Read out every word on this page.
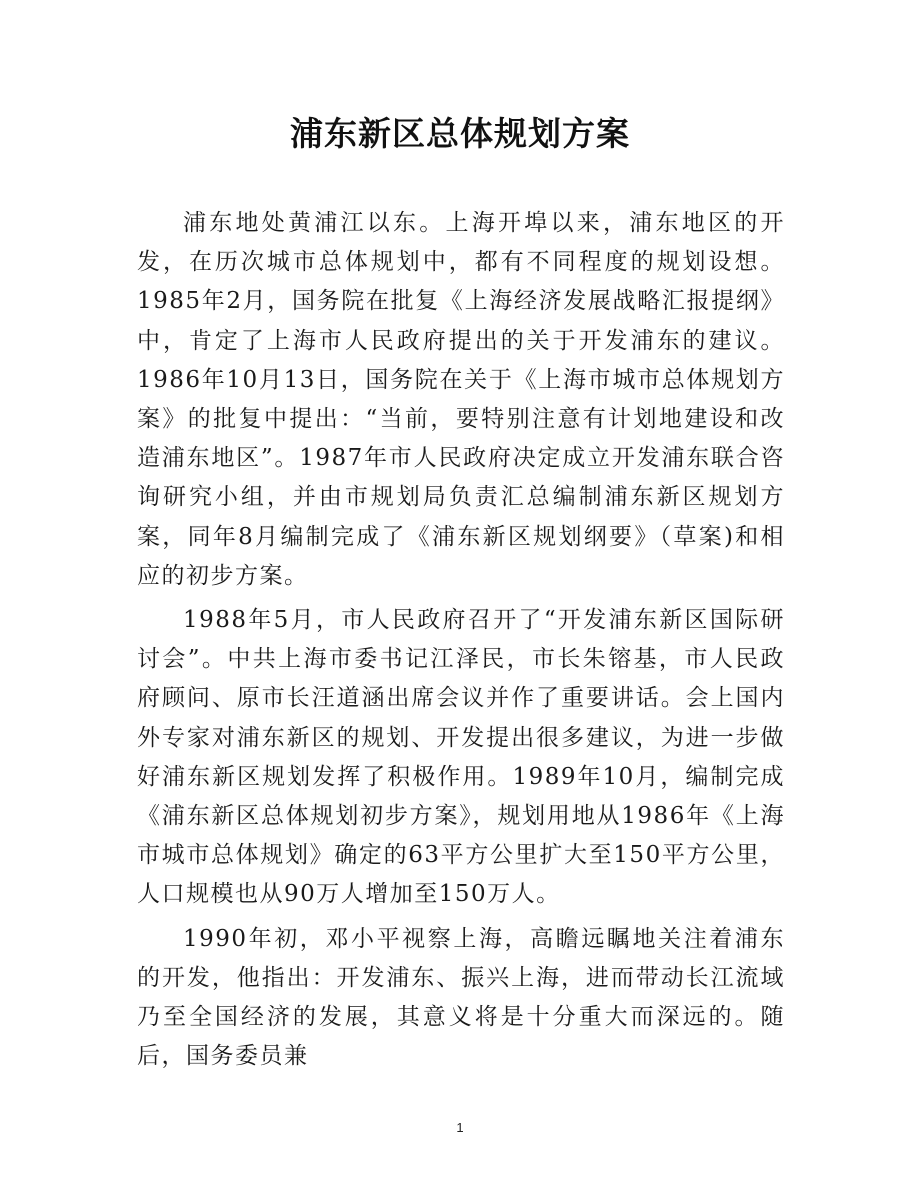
浦东新区总体规划方案

浦东地处黄浦江以东。上海开埠以来，浦东地区的开发，在历次城市总体规划中，都有不同程度的规划设想。1985年2月，国务院在批复《上海经济发展战略汇报提纲》中，肯定了上海市人民政府提出的关于开发浦东的建议。1986年10月13日，国务院在关于《上海市城市总体规划方案》的批复中提出：“当前，要特别注意有计划地建设和改造浦东地区”。1987年市人民政府决定成立开发浦东联合咨询研究小组，并由市规划局负责汇总编制浦东新区规划方案，同年8月编制完成了《浦东新区规划纲要》（草案)和相应的初步方案。

1988年5月，市人民政府召开了“开发浦东新区国际研讨会”。中共上海市委书记江泽民，市长朱镕基，市人民政府顾问、原市长汪道涵出席会议并作了重要讲话。会上国内外专家对浦东新区的规划、开发提出很多建议，为进一步做好浦东新区规划发挥了积极作用。1989年10月，编制完成《浦东新区总体规划初步方案》，规划用地从1986年《上海市城市总体规划》确定的63平方公里扩大至150平方公里，人口规模也从90万人增加至150万人。

1990年初，邓小平视察上海，高瞻远瞩地关注着浦东的开发，他指出：开发浦东、振兴上海，进而带动长江流域乃至全国经济的发展，其意义将是十分重大而深远的。随后，国务委员兼

1
